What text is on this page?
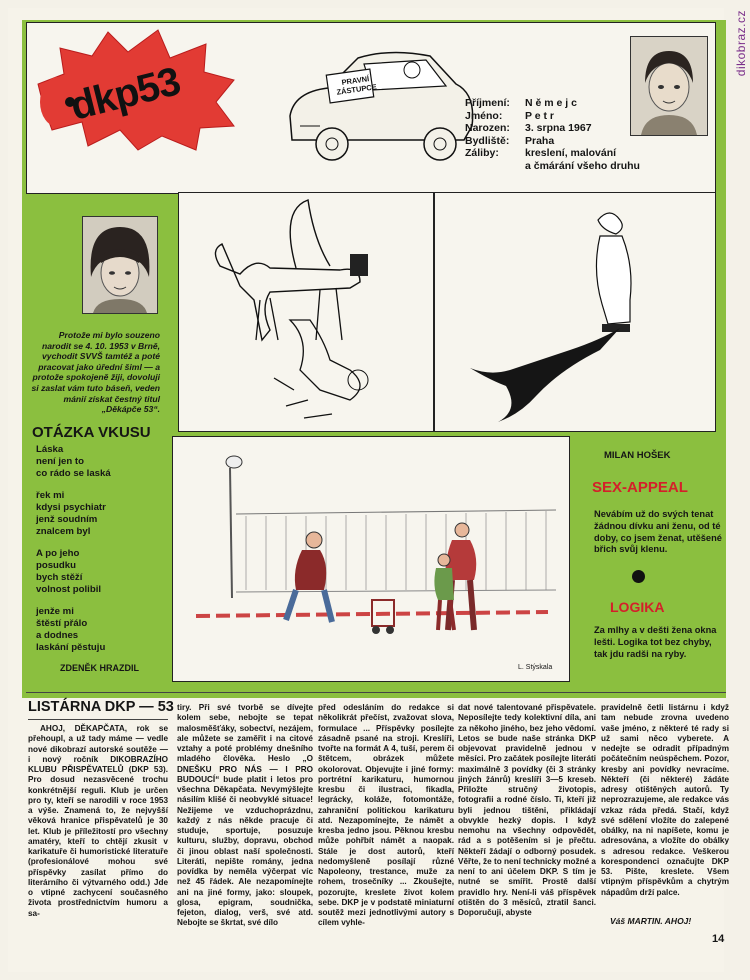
dikobraz.cz
dkp53	PRAVNÍ ZÁSTUPCE
Příjmení:	N ě m e j c
Jméno:	P e t r
Narozen:	3. srpna 1967
Bydliště:	Praha
Záliby:	kreslení, malování
a čmárání všeho druhu
Protože mi bylo souzeno narodit se 4. 10. 1953 v Brně, vychodit SVVŠ tamtéž a poté pracovat jako úřední šiml — a protože spokojeně žiji, dovoluji si zaslat vám tuto báseň, veden mánií získat čestný titul „Děkápče 53“.
OTÁZKA VKUSU
Láska
není jen to
co rádo se laská
řek mi
kdysi psychiatr
jenž soudním
znalcem byl
A po jeho
posudku
bych stěží
volnost polibil
jenže mi
štěstí přálo
a dodnes
laskání pěstuju
ZDENĚK HRAZDIL	L. Stýskala
MILAN HOŠEK
SEX-APPEAL
Nevábím už do svých tenat žádnou dívku ani ženu, od té doby, co jsem ženat, utěšené břich svůj klenu.
LOGIKA
Za mlhy a v dešti žena okna lešti. Logika tot bez chyby, tak jdu radši na ryby.
LISTÁRNA DKP — 53

AHOJ, DĚKAPČATA, rok se přehoupl, a už tady máme — vedle nové dikobrazí autorské soutěže — i nový ročník DIKOBRAZÍHO KLUBU PŘISPĚVATELŮ (DKP 53). Pro dosud nezasvěcené trochu konkrétnější reguli. Klub je určen pro ty, kteří se narodili v roce 1953 a výše. Znamená to, že nejvyšší věková hranice přispěvatelů je 30 let. Klub je příležitostí pro všechny amatéry, kteří to chtějí zkusit v karikatuře či humoristické literatuře (profesionálové mohou své příspěvky zasílat přímo do literárního či výtvarného odd.) Jde o vtipné zachycení současného života prostřednictvím humoru a sa-

tiry. Při své tvorbě se dívejte kolem sebe, nebojte se tepat malosměšťáky, sobectví, nezájem, ale můžete se zaměřit i na citové vztahy a poté problémy dnešního mladého člověka. Heslo „O DNEŠKU PRO NÁS — I PRO BUDOUCÍ“ bude platit i letos pro všechna Děkapčata. Nevymýšlejte násilím klišé či neobvyklé situace! Nežijeme ve vzduchoprázdnu, každý z nás někde pracuje či studuje, sportuje, posuzuje kulturu, služby, dopravu, obchod či jinou oblast naší společnosti. Literáti, nepište romány, jedna povídka by neměla výčerpat víc než 45 řádek. Ale nezapomínejte ani na jiné formy, jako: sloupek, glosa, epigram, soudnička, fejeton, dialog, verš, své atd. Nebojte se škrtat, své dílo
před odesláním do redakce si několikrát přečíst, zvažovat slova, formulace ... Příspěvky posílejte zásadně psané na stroji. Kreslíři, tvořte na formát A 4, tuší, perem či štětcem, obrázek můžete okolorovat. Objevujte i jiné formy: portrétní karikaturu, humornou kresbu či ilustraci, fikadla, legrácky, koláže, fotomontáže, zahraniční politickou karikaturu atd. Nezapomínejte, že námět a kresba jedno jsou. Pěknou kresbu může pohřbít námět a naopak. Stále je dost autorů, kteří nedomyšleně posílají různé Napoleony, trestance, muže za rohem, trosečníky ... Zkoušejte, pozorujte, kreslete život kolem sebe. DKP je v podstatě miniaturní soutěž mezi jednotlivými autory s cílem vyhle-
dat nové talentované přispěvatele. Neposílejte tedy kolektivní díla, ani za někoho jiného, bez jeho vědomí. Letos se bude naše stránka DKP objevovat pravidelně jednou v měsíci. Pro začátek posílejte literáti maximálně 3 povídky (či 3 stránky jiných žánrů) kreslíři 3—5 kreseb. Přiložte stručný životopis, fotografii a rodné číslo. Ti, kteří již byli jednou tištěni, přikládají obvykle hezký dopis. I když nemohu na všechny odpovědět, rád a s potěšením si je přečtu. Někteří žádají o odborný posudek. Věřte, že to není technicky možné a není to ani účelem DKP. S tím je nutné se smířit. Prostě další pravidlo hry. Není-li váš příspěvek otištěn do 3 měsíců, ztratil šanci. Doporučuji, abyste
pravidelně četli listárnu i když tam nebude zrovna uvedeno vaše jméno, z některé té rady si už sami něco vyberete. A nedejte se odradit případným počátečním neúspěchem. Pozor, kresby ani povídky nevracíme. Někteří (či některé) žádáte adresy otištěných autorů. Ty neprozrazujeme, ale redakce vás vzkaz ráda předá. Stačí, když své sdělení vložíte do zalepené obálky, na ni napíšete, komu je adresována, a vložíte do obálky s adresou redakce. Veškerou korespondenci označujte DKP 53. Pište, kreslete. Všem vtipným příspěvkům a chytrým nápadům drží palce.
Váš MARTIN. AHOJ!
14
